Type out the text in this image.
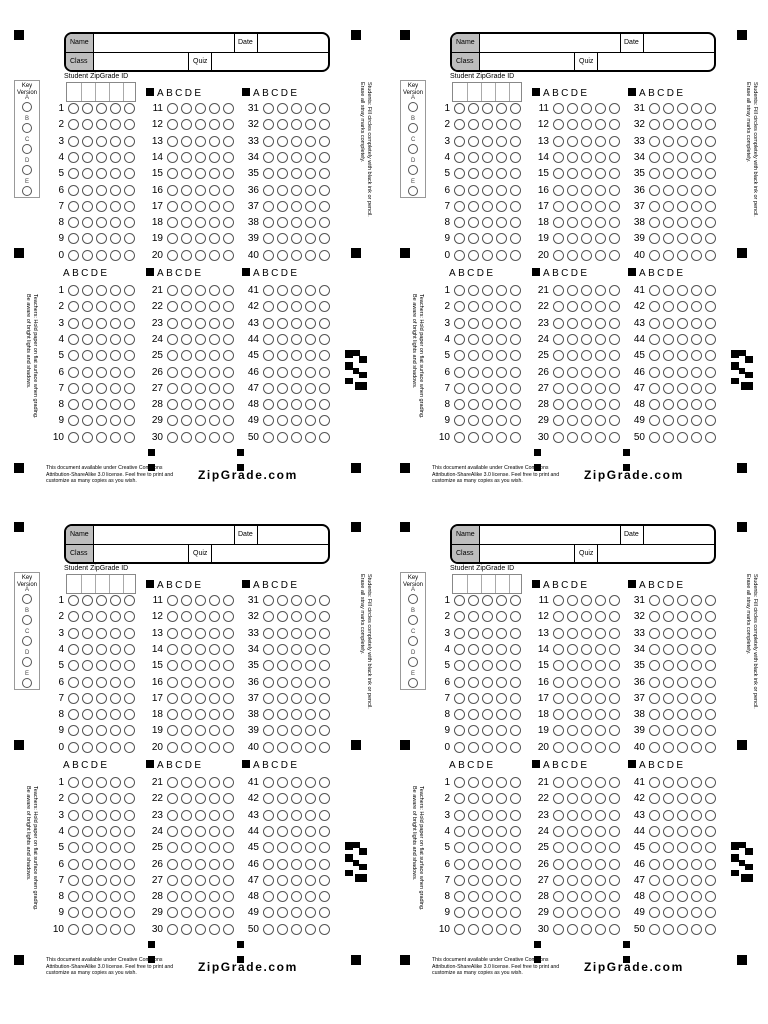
Name	Date
Class	Quiz
Student ZipGrade ID
Key Version
A
B
C
D
E
ABCDE	ABCDE
1	11	31
2	12	32
3	13	33
4	14	34
5	15	35
6	16	36
7	17	37
8	18	38
9	19	39
0	20	40
ABCDE	ABCDE	ABCDE
1	21	41
2	22	42
3	23	43
4	24	44
5	25	45
6	26	46
7	27	47
8	28	48
9	29	49
10	30	50
Students: Fill circles completely with black ink or pencil.
Erase all stray marks completely.
Teachers: Hold paper on flat surface when grading.
Be aware of bright lights and shadows.
This document available under Creative Commons Attribution-ShareAlike 3.0 license. Feel free to print and customize as many copies as you wish.	ZipGrade.com
Name	Date
Class	Quiz
Student ZipGrade ID
Key Version
A
B
C
D
E
ABCDE	ABCDE
1	11	31
2	12	32
3	13	33
4	14	34
5	15	35
6	16	36
7	17	37
8	18	38
9	19	39
0	20	40
ABCDE	ABCDE	ABCDE
1	21	41
2	22	42
3	23	43
4	24	44
5	25	45
6	26	46
7	27	47
8	28	48
9	29	49
10	30	50
Students: Fill circles completely with black ink or pencil.
Erase all stray marks completely.
Teachers: Hold paper on flat surface when grading.
Be aware of bright lights and shadows.
This document available under Creative Commons Attribution-ShareAlike 3.0 license. Feel free to print and customize as many copies as you wish.	ZipGrade.com
Name	Date
Class	Quiz
Student ZipGrade ID
Key Version
A
B
C
D
E
ABCDE	ABCDE
1	11	31
2	12	32
3	13	33
4	14	34
5	15	35
6	16	36
7	17	37
8	18	38
9	19	39
0	20	40
ABCDE	ABCDE	ABCDE
1	21	41
2	22	42
3	23	43
4	24	44
5	25	45
6	26	46
7	27	47
8	28	48
9	29	49
10	30	50
Students: Fill circles completely with black ink or pencil.
Erase all stray marks completely.
Teachers: Hold paper on flat surface when grading.
Be aware of bright lights and shadows.
This document available under Creative Commons Attribution-ShareAlike 3.0 license. Feel free to print and customize as many copies as you wish.	ZipGrade.com
Name	Date
Class	Quiz
Student ZipGrade ID
Key Version
A
B
C
D
E
ABCDE	ABCDE
1	11	31
2	12	32
3	13	33
4	14	34
5	15	35
6	16	36
7	17	37
8	18	38
9	19	39
0	20	40
ABCDE	ABCDE	ABCDE
1	21	41
2	22	42
3	23	43
4	24	44
5	25	45
6	26	46
7	27	47
8	28	48
9	29	49
10	30	50
Students: Fill circles completely with black ink or pencil.
Erase all stray marks completely.
Teachers: Hold paper on flat surface when grading.
Be aware of bright lights and shadows.
This document available under Creative Commons Attribution-ShareAlike 3.0 license. Feel free to print and customize as many copies as you wish.	ZipGrade.com
